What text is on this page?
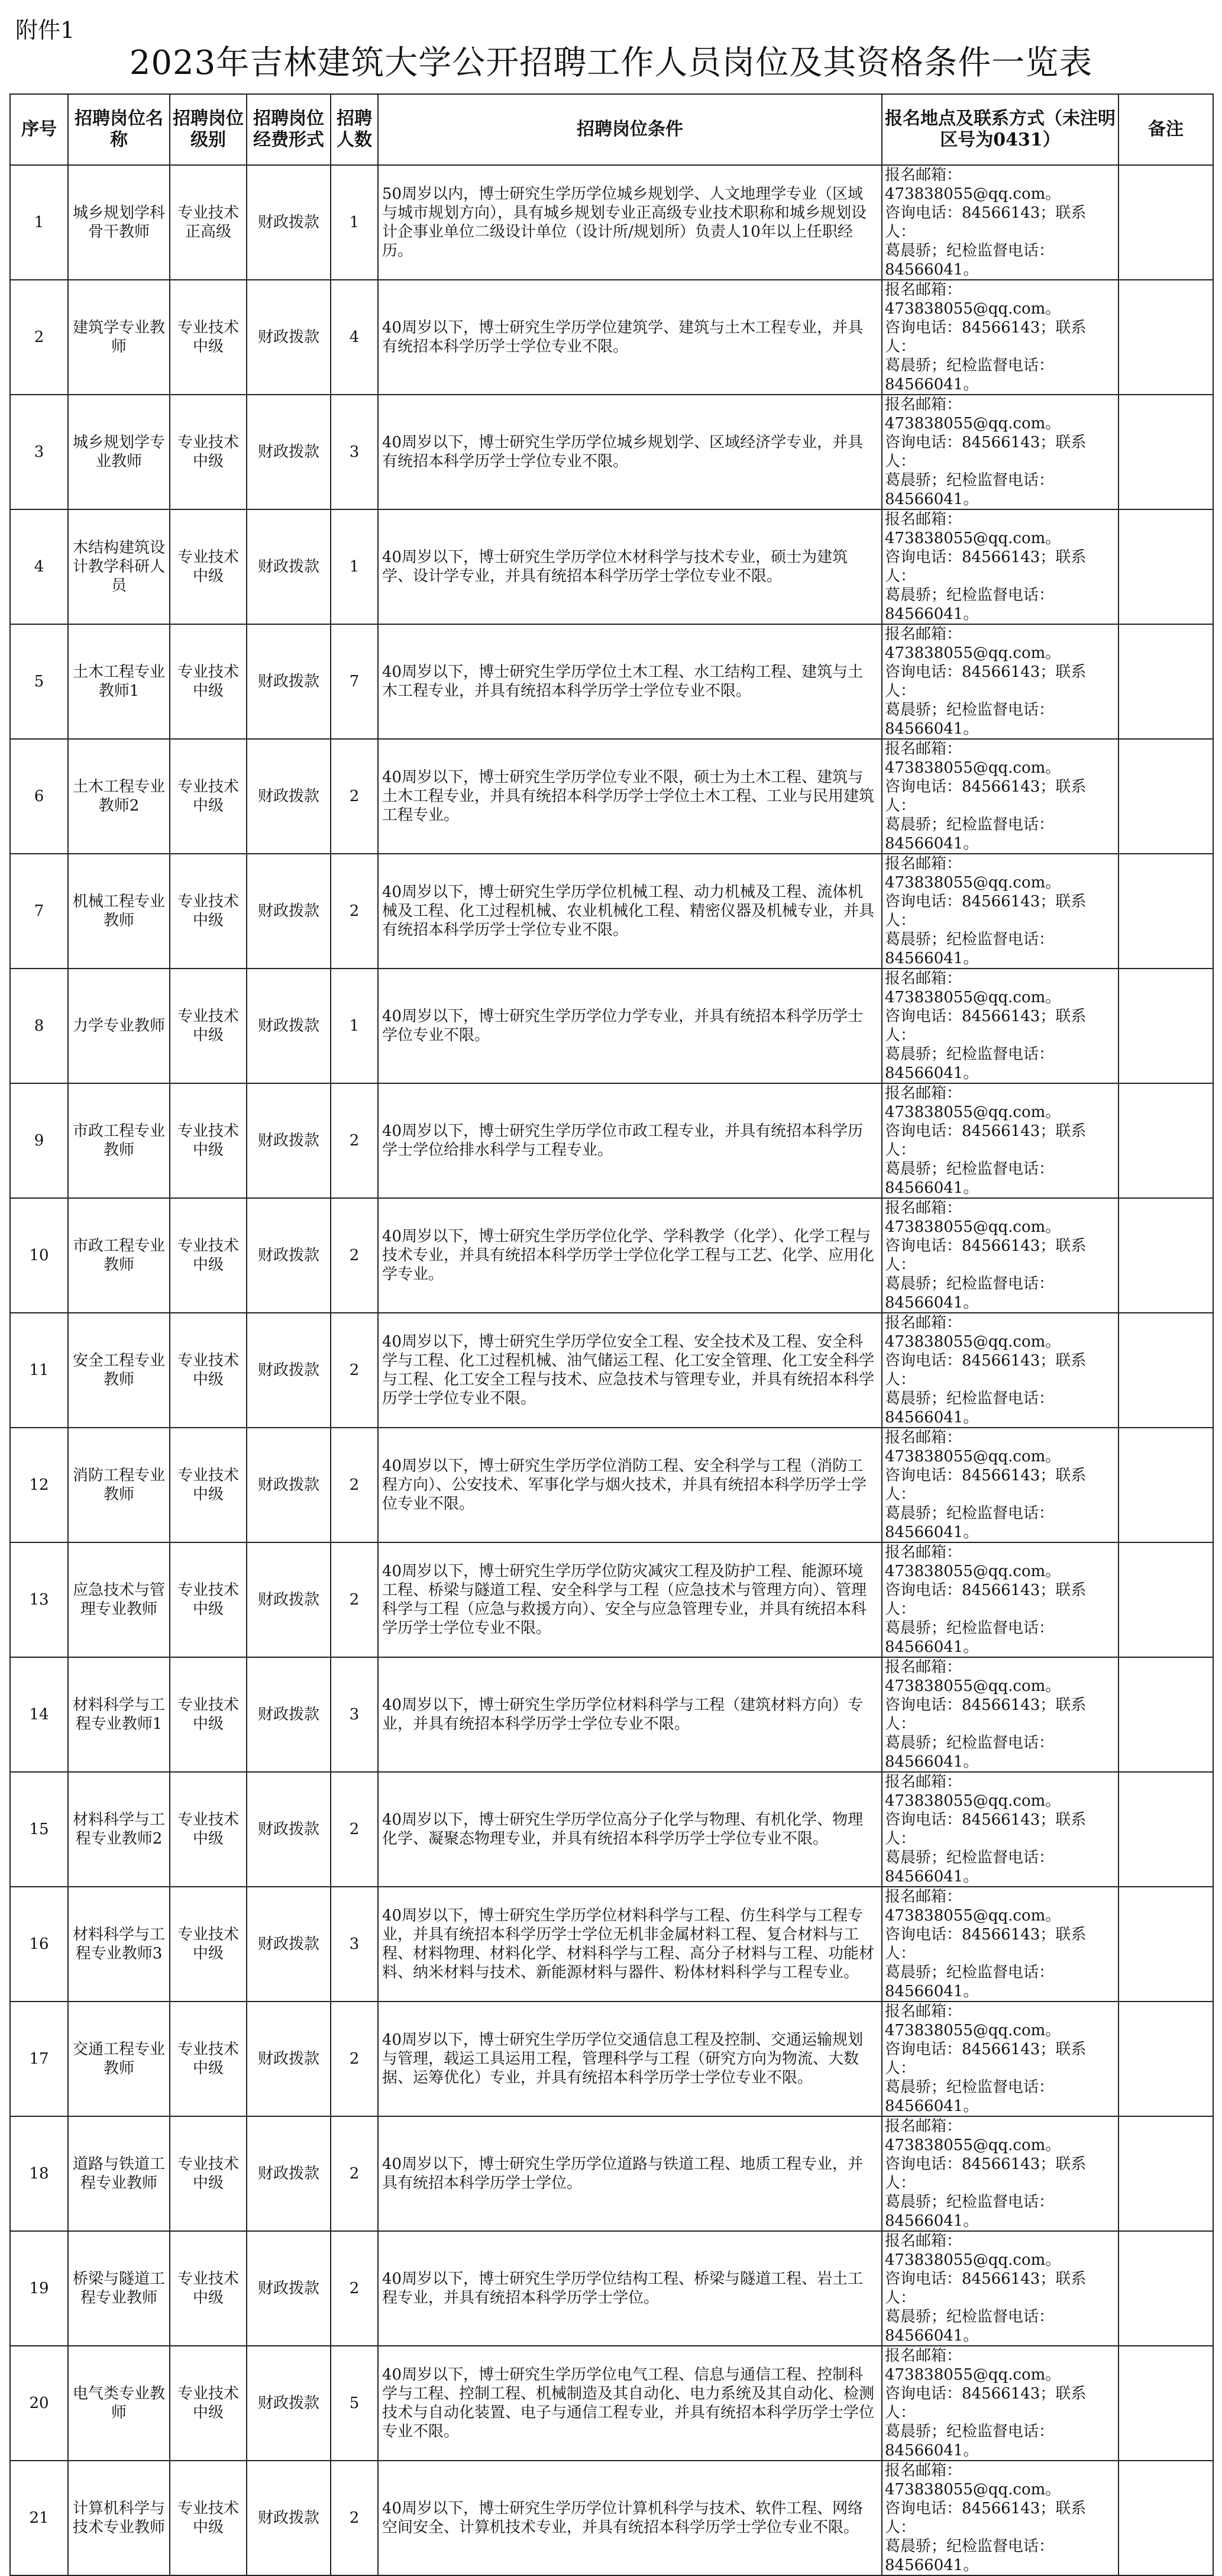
附件1
2023年吉林建筑大学公开招聘工作人员岗位及其资格条件一览表
序号	招聘岗位名称	招聘岗位级别	招聘岗位经费形式	招聘人数	招聘岗位条件	报名地点及联系方式（未注明区号为0431）	备注
1	城乡规划学科骨干教师	专业技术正高级	财政拨款	1	50周岁以内，博士研究生学历学位城乡规划学、人文地理学专业（区域与城市规划方向），具有城乡规划专业正高级专业技术职称和城乡规划设计企事业单位二级设计单位（设计所/规划所）负责人10年以上任职经历。	报名邮箱：473838055@qq.com。
咨询电话：84566143；联系人：
葛晨骄；纪检监督电话：
84566041。	

2	建筑学专业教师	专业技术中级	财政拨款	4	40周岁以下，博士研究生学历学位建筑学、建筑与土木工程专业，并具有统招本科学历学士学位专业不限。	报名邮箱：473838055@qq.com。
咨询电话：84566143；联系人：
葛晨骄；纪检监督电话：
84566041。	

3	城乡规划学专业教师	专业技术中级	财政拨款	3	40周岁以下，博士研究生学历学位城乡规划学、区域经济学专业，并具有统招本科学历学士学位专业不限。	报名邮箱：473838055@qq.com。
咨询电话：84566143；联系人：
葛晨骄；纪检监督电话：
84566041。	

4	木结构建筑设计教学科研人员	专业技术中级	财政拨款	1	40周岁以下，博士研究生学历学位木材科学与技术专业，硕士为建筑学、设计学专业，并具有统招本科学历学士学位专业不限。	报名邮箱：473838055@qq.com。
咨询电话：84566143；联系人：
葛晨骄；纪检监督电话：
84566041。	

5	土木工程专业教师1	专业技术中级	财政拨款	7	40周岁以下，博士研究生学历学位土木工程、水工结构工程、建筑与土木工程专业，并具有统招本科学历学士学位专业不限。	报名邮箱：473838055@qq.com。
咨询电话：84566143；联系人：
葛晨骄；纪检监督电话：
84566041。	

6	土木工程专业教师2	专业技术中级	财政拨款	2	40周岁以下，博士研究生学历学位专业不限，硕士为土木工程、建筑与土木工程专业，并具有统招本科学历学士学位土木工程、工业与民用建筑工程专业。	报名邮箱：473838055@qq.com。
咨询电话：84566143；联系人：
葛晨骄；纪检监督电话：
84566041。	

7	机械工程专业教师	专业技术中级	财政拨款	2	40周岁以下，博士研究生学历学位机械工程、动力机械及工程、流体机械及工程、化工过程机械、农业机械化工程、精密仪器及机械专业，并具有统招本科学历学士学位专业不限。	报名邮箱：473838055@qq.com。
咨询电话：84566143；联系人：
葛晨骄；纪检监督电话：
84566041。	

8	力学专业教师	专业技术中级	财政拨款	1	40周岁以下，博士研究生学历学位力学专业，并具有统招本科学历学士学位专业不限。	报名邮箱：473838055@qq.com。
咨询电话：84566143；联系人：
葛晨骄；纪检监督电话：
84566041。	

9	市政工程专业教师	专业技术中级	财政拨款	2	40周岁以下，博士研究生学历学位市政工程专业，并具有统招本科学历学士学位给排水科学与工程专业。	报名邮箱：473838055@qq.com。
咨询电话：84566143；联系人：
葛晨骄；纪检监督电话：
84566041。	

10	市政工程专业教师	专业技术中级	财政拨款	2	40周岁以下，博士研究生学历学位化学、学科教学（化学）、化学工程与技术专业，并具有统招本科学历学士学位化学工程与工艺、化学、应用化学专业。	报名邮箱：473838055@qq.com。
咨询电话：84566143；联系人：
葛晨骄；纪检监督电话：
84566041。	

11	安全工程专业教师	专业技术中级	财政拨款	2	40周岁以下，博士研究生学历学位安全工程、安全技术及工程、安全科学与工程、化工过程机械、油气储运工程、化工安全管理、化工安全科学与工程、化工安全工程与技术、应急技术与管理专业，并具有统招本科学历学士学位专业不限。	报名邮箱：473838055@qq.com。
咨询电话：84566143；联系人：
葛晨骄；纪检监督电话：
84566041。	

12	消防工程专业教师	专业技术中级	财政拨款	2	40周岁以下，博士研究生学历学位消防工程、安全科学与工程（消防工程方向）、公安技术、军事化学与烟火技术，并具有统招本科学历学士学位专业不限。	报名邮箱：473838055@qq.com。
咨询电话：84566143；联系人：
葛晨骄；纪检监督电话：
84566041。	

13	应急技术与管理专业教师	专业技术中级	财政拨款	2	40周岁以下，博士研究生学历学位防灾减灾工程及防护工程、能源环境工程、桥梁与隧道工程、安全科学与工程（应急技术与管理方向）、管理科学与工程（应急与救援方向）、安全与应急管理专业，并具有统招本科学历学士学位专业不限。	报名邮箱：473838055@qq.com。
咨询电话：84566143；联系人：
葛晨骄；纪检监督电话：
84566041。	

14	材料科学与工程专业教师1	专业技术中级	财政拨款	3	40周岁以下，博士研究生学历学位材料科学与工程（建筑材料方向）专业，并具有统招本科学历学士学位专业不限。	报名邮箱：473838055@qq.com。
咨询电话：84566143；联系人：
葛晨骄；纪检监督电话：
84566041。	

15	材料科学与工程专业教师2	专业技术中级	财政拨款	2	40周岁以下，博士研究生学历学位高分子化学与物理、有机化学、物理化学、凝聚态物理专业，并具有统招本科学历学士学位专业不限。	报名邮箱：473838055@qq.com。
咨询电话：84566143；联系人：
葛晨骄；纪检监督电话：
84566041。	

16	材料科学与工程专业教师3	专业技术中级	财政拨款	3	40周岁以下，博士研究生学历学位材料科学与工程、仿生科学与工程专业，并具有统招本科学历学士学位无机非金属材料工程、复合材料与工程、材料物理、材料化学、材料科学与工程、高分子材料与工程、功能材料、纳米材料与技术、新能源材料与器件、粉体材料科学与工程专业。	报名邮箱：473838055@qq.com。
咨询电话：84566143；联系人：
葛晨骄；纪检监督电话：
84566041。	

17	交通工程专业教师	专业技术中级	财政拨款	2	40周岁以下，博士研究生学历学位交通信息工程及控制、交通运输规划与管理，载运工具运用工程，管理科学与工程（研究方向为物流、大数据、运筹优化）专业，并具有统招本科学历学士学位专业不限。	报名邮箱：473838055@qq.com。
咨询电话：84566143；联系人：
葛晨骄；纪检监督电话：
84566041。	

18	道路与铁道工程专业教师	专业技术中级	财政拨款	2	40周岁以下，博士研究生学历学位道路与铁道工程、地质工程专业，并具有统招本科学历学士学位。	报名邮箱：473838055@qq.com。
咨询电话：84566143；联系人：
葛晨骄；纪检监督电话：
84566041。	

19	桥梁与隧道工程专业教师	专业技术中级	财政拨款	2	40周岁以下，博士研究生学历学位结构工程、桥梁与隧道工程、岩土工程专业，并具有统招本科学历学士学位。	报名邮箱：473838055@qq.com。
咨询电话：84566143；联系人：
葛晨骄；纪检监督电话：
84566041。	

20	电气类专业教师	专业技术中级	财政拨款	5	40周岁以下，博士研究生学历学位电气工程、信息与通信工程、控制科学与工程、控制工程、机械制造及其自动化、电力系统及其自动化、检测技术与自动化装置、电子与通信工程专业，并具有统招本科学历学士学位专业不限。	报名邮箱：473838055@qq.com。
咨询电话：84566143；联系人：
葛晨骄；纪检监督电话：
84566041。	

21	计算机科学与技术专业教师	专业技术中级	财政拨款	2	40周岁以下，博士研究生学历学位计算机科学与技术、软件工程、网络空间安全、计算机技术专业，并具有统招本科学历学士学位专业不限。	报名邮箱：473838055@qq.com。
咨询电话：84566143；联系人：
葛晨骄；纪检监督电话：
84566041。	
